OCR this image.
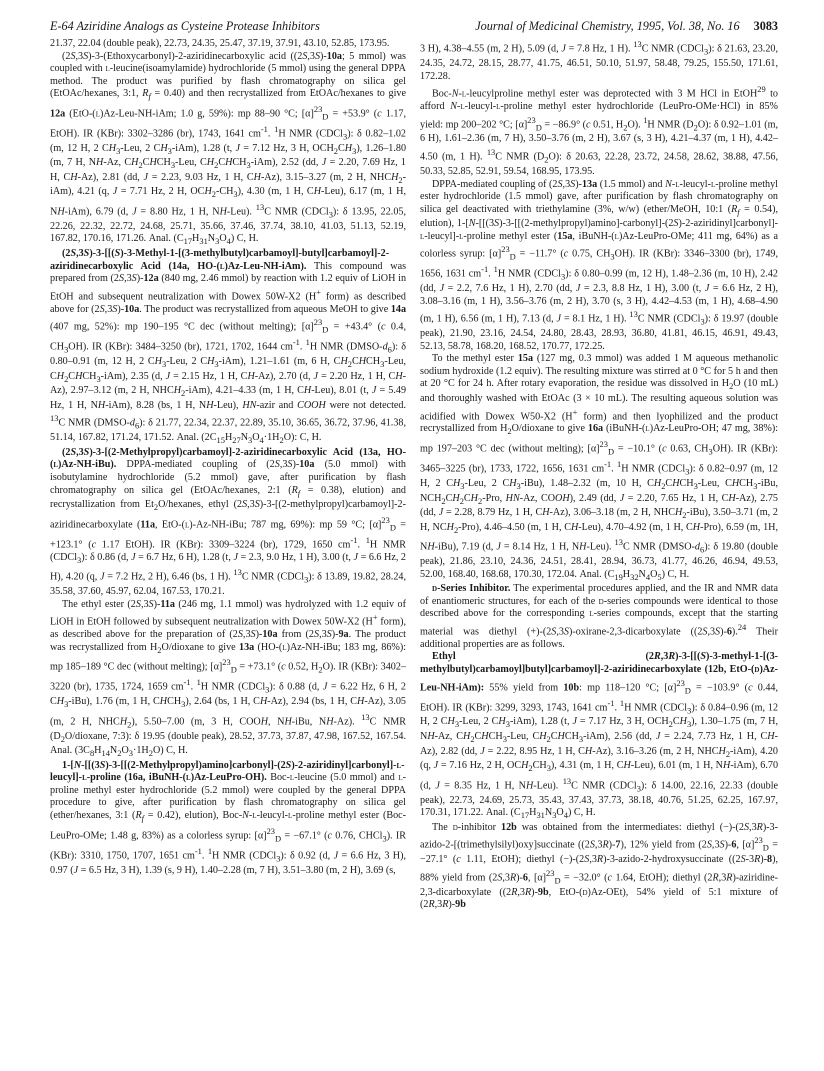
E-64 Aziridine Analogs as Cysteine Protease Inhibitors	Journal of Medicinal Chemistry, 1995, Vol. 38, No. 16 3083

21.37, 22.04 (double peak), 22.73, 24.35, 25.47, 37.19, 37.91, 43.10, 52.85, 173.95.

(2S,3S)-3-(Ethoxycarbonyl)-2-aziridinecarboxylic acid ((2S,3S)-10a; 5 mmol) was coupled with l-leucine(isoamylamide) hydrochloride (5 mmol) using the general DPPA method. The product was purified by flash chromatography on silica gel (EtOAc/hexanes, 3:1, $R_f = 0.40$) and then recrystallized from EtOAc/hexanes to give 12a (EtO-(l)Az-Leu-NH-iAm; 1.0 g, 59%): mp 88–90 °C; $[\alpha]^{23}_D = +53.9^\circ$ (c 1.17, EtOH). IR (KBr): 3302–3286 (br), 1743, 1641 $cm^{-1}$. $^1$H NMR (CDCl$_3$): δ 0.82–1.02 (m, 12 H, 2 $CH_3$-Leu, 2 $CH_3-iAm$), 1.28 (t, J = 7.12 Hz, 3 H, $OCH_2CH_3$), 1.26–1.80 (m, 7 H, NH-Az, $CH_2CHCH_3$-Leu, $CH_2CHCH_3-iAm$), 2.52 (dd, J = 2.20, 7.69 Hz, 1 H, CH-Az), 2.81 (dd, J = 2.23, 9.03 Hz, 1 H, CH-Az), 3.15–3.27 (m, 2 H, $NHCH_2-iAm$), 4.21 (q, J = 7.71 Hz, 2 H, $OCH_2-CH_3$), 4.30 (m, 1 H, CH-Leu), 6.17 (m, 1 H, NH-iAm), 6.79 (d, J = 8.80 Hz, 1 H, NH-Leu). $^{13}$C NMR (CDCl$_3$): δ 13.95, 22.05, 22.26, 22.32, 22.72, 24.68, 25.71, 35.66, 37.46, 37.74, 38.10, 41.03, 51.13, 52.19, 167.82, 170.16, 171.26. Anal. $(C_{17}H_{31}N_3O_4)$ C, H.

(2S,3S)-3-[[(S)-3-Methyl-1-[(3-methylbutyl)carbamoyl]-butyl]carbamoyl]-2-aziridinecarboxylic Acid (14a, HO-(l)Az-Leu-NH-iAm). This compound was prepared from (2S,3S)-12a (840 mg, 2.46 mmol) by reaction with 1.2 equiv of LiOH in EtOH and subsequent neutralization with Dowex 50W-X2 (H+ form) as described above for (2S,3S)-10a. The product was recrystallized from aqueous MeOH to give 14a (407 mg, 52%): mp 190–195 °C dec (without melting); $[\alpha]^{23}_D = +43.4^\circ$ (c 0.4, $CH_3OH$). IR (KBr): 3484–3250 (br), 1721, 1702, 1644 $cm^{-1}$. $^1$H NMR $(DMSO-d_6)$: δ 0.80–0.91 (m, 12 H, 2 $CH_3$-Leu, 2 $CH_3-iAm$), 1.21–1.61 (m, 6 H, $CH_2CHCH_3$-Leu, $CH_2CHCH_3-iAm$), 2.35 (d, J = 2.15 Hz, 1 H, CH-Az), 2.70 (d, J = 2.20 Hz, 1 H, CH-Az), 2.97–3.12 (m, 2 H, $NHCH_2-iAm$), 4.21–4.33 (m, 1 H, CH-Leu), 8.01 (t, J = 5.49 Hz, 1 H, NH-iAm), 8.28 (bs, 1 H, NH-Leu), HN-azir and COOH were not detected. $^{13}$C NMR $(DMSO-d_6)$: δ 21.77, 22.34, 22.37, 22.89, 35.10, 36.65, 36.72, 37.96, 41.38, 51.14, 167.82, 171.24, 171.52. Anal. $(2C_{15}H_{27}N_3O_4\cdot 1H_2O)$: C, H.

(2S,3S)-3-[(2-Methylpropyl)carbamoyl]-2-aziridinecarboxylic Acid (13a, HO-(l)Az-NH-iBu). DPPA-mediated coupling of (2S,3S)-10a (5.0 mmol) with isobutylamine hydrochloride (5.2 mmol) gave, after purification by flash chromatography on silica gel (EtOAc/hexanes, 2:1 $(R_f = 0.38)$, elution) and recrystallization from $Et_2O$/hexanes, ethyl (2S,3S)-3-[(2-methylpropyl)carbamoyl]-2-aziridinecarboxylate (11a, EtO-(l)-Az-NH-iBu; 787 mg, 69%): mp 59 °C; $[\alpha]^{23}_D = +123.1^\circ$ (c 1.17 EtOH). IR (KBr): 3309–3224 (br), 1729, 1650 $cm^{-1}$. $^1$H NMR (CDCl$_3$): δ 0.86 (d, J = 6.7 Hz, 6 H), 1.28 (t, J = 2.3, 9.0 Hz, 1 H), 3.00 (t, J = 6.6 Hz, 2 H), 4.20 (q, J = 7.2 Hz, 2 H), 6.46 (bs, 1 H). $^{13}$C NMR (CDCl$_3$): δ 13.89, 19.82, 28.24, 35.58, 37.60, 45.97, 62.04, 167.53, 170.21.

The ethyl ester (2S,3S)-11a (246 mg, 1.1 mmol) was hydrolyzed with 1.2 equiv of LiOH in EtOH followed by subsequent neutralization with Dowex 50W-X2 (H+ form), as described above for the preparation of (2S,3S)-10a from (2S,3S)-9a. The product was recrystallized from $H_2O$/dioxane to give 13a (HO-(l)Az-NH-iBu; 183 mg, 86%): mp 185–189 °C dec (without melting); $[\alpha]^{23}_D = +73.1^\circ$ (c 0.52, $H_2O$). IR (KBr): 3402–3220 (br), 1735, 1724, 1659 $cm^{-1}$. $^1$H NMR (CDCl$_3$): δ 0.88 (d, J = 6.22 Hz, 6 H, 2 $CH_3-iBu$), 1.76 (m, 1 H, $CHCH_3$), 2.64 (bs, 1 H, CH-Az), 2.94 (bs, 1 H, CH-Az), 3.05 (m, 2 H, $NHCH_2$), 5.50–7.00 (m, 3 H, COOH, NH-iBu, NH-Az). $^{13}$C NMR ($D_2O$/dioxane, 7:3): δ 19.95 (double peak), 28.52, 37.73, 37.87, 47.98, 167.52, 167.54. Anal. $(3C_8H_{14}N_2O_3\cdot 1H_2O)$ C, H.

1-[N-[[(3S)-3-[[(2-Methylpropyl)amino]carbonyl]-(2S)-2-aziridinyl]carbonyl]-l-leucyl]-l-proline (16a, iBuNH-(l)Az-LeuPro-OH). Boc-l-leucine (5.0 mmol) and l-proline methyl ester hydrochloride (5.2 mmol) were coupled by the general DPPA procedure to give, after purification by flash chromatography on silica gel (ether/hexanes, 3:1 $(R_f = 0.42)$, elution), Boc-N-l-leucyl-l-proline methyl ester (Boc-LeuPro-OMe; 1.48 g, 83%) as a colorless syrup: $[\alpha]^{23}_D = -67.1^\circ$ (c 0.76, CHCl$_3$). IR (KBr): 3310, 1750, 1707, 1651 $cm^{-1}$. $^1$H NMR (CDCl$_3$): δ 0.92 (d, J = 6.6 Hz, 3 H), 0.97 (J = 6.5 Hz, 3 H), 1.39 (s, 9 H), 1.40–2.28 (m, 7 H), 3.51–3.80 (m, 2 H), 3.69 (s,

3 H), 4.38–4.55 (m, 2 H), 5.09 (d, J = 7.8 Hz, 1 H). $^{13}$C NMR (CDCl$_3$): δ 21.63, 23.20, 24.35, 24.72, 28.15, 28.77, 41.75, 46.51, 50.10, 51.97, 58.48, 79.25, 155.50, 171.61, 172.28.

Boc-N-l-leucylproline methyl ester was deprotected with 3 M HCl in EtOH$^{29}$ to afford N-l-leucyl-l-proline methyl ester hydrochloride (LeuPro-OMe·HCl) in 85% yield: mp 200–202 °C; $[\alpha]^{23}_D = -86.9^\circ$ (c 0.51, $H_2O$). $^1$H NMR $(D_2O)$: δ 0.92–1.01 (m, 6 H), 1.61–2.36 (m, 7 H), 3.50–3.76 (m, 2 H), 3.67 (s, 3 H), 4.21–4.37 (m, 1 H), 4.42–4.50 (m, 1 H). $^{13}$C NMR $(D_2O)$: δ 20.63, 22.28, 23.72, 24.58, 28.62, 38.88, 47.56, 50.33, 52.85, 52.91, 59.54, 168.95, 173.95.

DPPA-mediated coupling of (2S,3S)-13a (1.5 mmol) and N-l-leucyl-l-proline methyl ester hydrochloride (1.5 mmol) gave, after purification by flash chromatography on silica gel deactivated with triethylamine (3%, w/w) (ether/MeOH, 10:1 $(R_f = 0.54)$, elution), 1-[N-[[(3S)-3-[[(2-methylpropyl)amino]-carbonyl]-(2S)-2-aziridinyl]carbonyl]-l-leucyl]-l-proline methyl ester (15a, iBuNH-(l)Az-LeuPro-OMe; 411 mg, 64%) as a colorless syrup: $[\alpha]^{23}_D = -11.7^\circ$ (c 0.75, $CH_3OH$). IR (KBr): 3346–3300 (br), 1749, 1656, 1631 $cm^{-1}$. $^1$H NMR (CDCl$_3$): δ 0.80–0.99 (m, 12 H), 1.48–2.36 (m, 10 H), 2.42 (dd, J = 2.2, 7.6 Hz, 1 H), 2.70 (dd, J = 2.3, 8.8 Hz, 1 H), 3.00 (t, J = 6.6 Hz, 2 H), 3.08–3.16 (m, 1 H), 3.56–3.76 (m, 2 H), 3.70 (s, 3 H), 4.42–4.53 (m, 1 H), 4.68–4.90 (m, 1 H), 6.56 (m, 1 H), 7.13 (d, J = 8.1 Hz, 1 H). $^{13}$C NMR (CDCl$_3$): δ 19.97 (double peak), 21.90, 23.16, 24.54, 24.80, 28.43, 28.93, 36.80, 41.81, 46.15, 46.91, 49.43, 52.13, 58.78, 168.20, 168.52, 170.77, 172.25.

To the methyl ester 15a (127 mg, 0.3 mmol) was added 1 M aqueous methanolic sodium hydroxide (1.2 equiv). The resulting mixture was stirred at 0 °C for 5 h and then at 20 °C for 24 h. After rotary evaporation, the residue was dissolved in $H_2O$ (10 mL) and thoroughly washed with EtOAc (3 × 10 mL). The resulting aqueous solution was acidified with Dowex W50-X2 (H+ form) and then lyophilized and the product recrystallized from $H_2O$/dioxane to give 16a (iBuNH-(l)Az-LeuPro-OH; 47 mg, 38%): mp 197–203 °C dec (without melting); $[\alpha]^{23}_D = -10.1^\circ$ (c 0.63, $CH_3OH$). IR (KBr): 3465–3225 (br), 1733, 1722, 1656, 1631 $cm^{-1}$. $^1$H NMR (CDCl$_3$): δ 0.82–0.97 (m, 12 H, 2 $CH_3$-Leu, 2 $CH_3-iBu$), 1.48–2.32 (m, 10 H, $CH_2CHCH_3$-Leu, $CHCH_3$-iBu, $NCH_2CH_2CH_2$-Pro, HN-Az, COOH), 2.49 (dd, J = 2.20, 7.65 Hz, 1 H, CH-Az), 2.75 (dd, J = 2.28, 8.79 Hz, 1 H, CH-Az), 3.06–3.18 (m, 2 H, $NHCH_2-iBu$), 3.50–3.71 (m, 2 H, $NCH_2-Pro$), 4.46–4.50 (m, 1 H, CH-Leu), 4.70–4.92 (m, 1 H, CH-Pro), 6.59 (m, 1H, NH-iBu), 7.19 (d, J = 8.14 Hz, 1 H, NH-Leu). $^{13}$C NMR $(DMSO-d_6)$: δ 19.80 (double peak), 21.86, 23.10, 24.36, 24.51, 28.41, 28.94, 36.73, 41.77, 46.26, 46.94, 49.53, 52.00, 168.40, 168.68, 170.30, 172.04. Anal. $(C_{19}H_{32}N_4O_5)$ C, H.

d-Series Inhibitor. The experimental procedures applied, and the IR and NMR data of enantiomeric structures, for each of the d-series compounds were identical to those described above for the corresponding l-series compounds, except that the starting material was diethyl (+)-(2S,3S)-oxirane-2,3-dicarboxylate ((2S,3S)-6).$^{24}$ Their additional properties are as follows.

Ethyl (2R,3R)-3-[[(S)-3-methyl-1-[(3-methylbutyl)carbamoyl]butyl]carbamoyl]-2-aziridinecarboxylate (12b, EtO-(d)Az-Leu-NH-iAm): 55% yield from 10b: mp 118–120 °C; $[\alpha]^{23}_D = -103.9^\circ$ (c 0.44, EtOH). IR (KBr): 3299, 3293, 1743, 1641 $cm^{-1}$. $^1$H NMR (CDCl$_3$): δ 0.84–0.96 (m, 12 H, 2 $CH_3$-Leu, 2 $CH_3-iAm$), 1.28 (t, J = 7.17 Hz, 3 H, $OCH_2CH_3$), 1.30–1.75 (m, 7 H, NH-Az, $CH_2CHCH_3$-Leu, $CH_2CHCH_3-iAm$), 2.56 (dd, J = 2.24, 7.73 Hz, 1 H, CH-Az), 2.82 (dd, J = 2.22, 8.95 Hz, 1 H, CH-Az), 3.16–3.26 (m, 2 H, $NHCH_2-iAm$), 4.20 (q, J = 7.16 Hz, 2 H, $OCH_2CH_3$), 4.31 (m, 1 H, CH-Leu), 6.01 (m, 1 H, NH-iAm), 6.70 (d, J = 8.35 Hz, 1 H, NH-Leu). $^{13}$C NMR (CDCl$_3$): δ 14.00, 22.16, 22.33 (double peak), 22.73, 24.69, 25.73, 35.43, 37.43, 37.73, 38.18, 40.76, 51.25, 62.25, 167.97, 170.31, 171.22. Anal. $(C_{17}H_{31}N_3O_4)$ C, H.

The d-inhibitor 12b was obtained from the intermediates: diethyl (−)-(2S,3R)-3-azido-2-[(trimethylsilyl)oxy]succinate ((2S,3R)-7), 12% yield from (2S,3S)-6, $[\alpha]^{23}_D = -27.1^\circ$ (c 1.11, EtOH); diethyl (−)-(2S,3R)-3-azido-2-hydroxysuccinate ((2S-3R)-8), 88% yield from (2S,3R)-6, $[\alpha]^{23}_D = -32.0^\circ$ (c 1.64, EtOH); diethyl (2R,3R)-aziridine-2,3-dicarboxylate ((2R,3R)-9b, EtO-(d)Az-OEt), 54% yield of 5:1 mixture of (2R,3R)-9b
